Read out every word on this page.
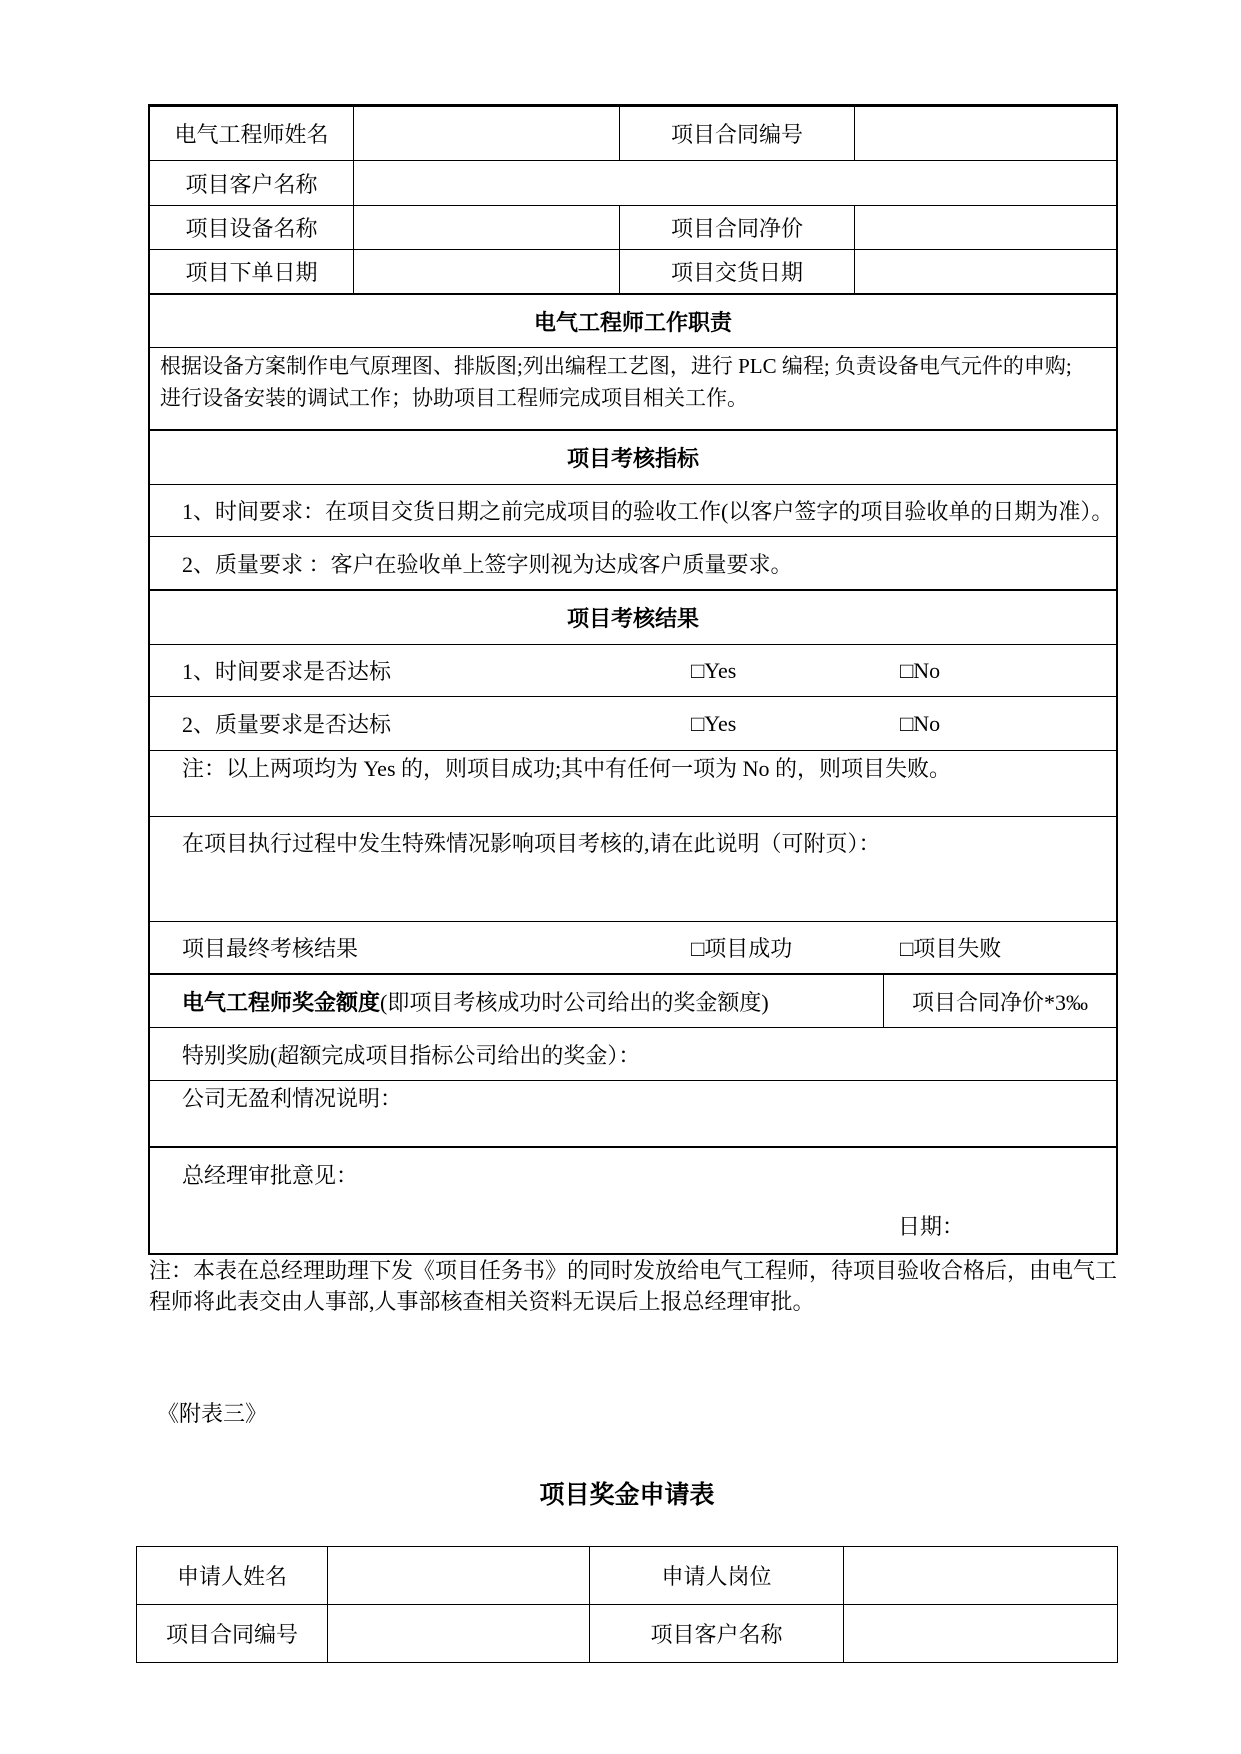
电气工程师姓名	项目合同编号
项目客户名称
项目设备名称	项目合同净价
项目下单日期	项目交货日期
电气工程师工作职责
根据设备方案制作电气原理图、排版图;列出编程工艺图，进行 PLC 编程; 负责设备电气元件的申购;
进行设备安装的调试工作；协助项目工程师完成项目相关工作。
项目考核指标
1、时间要求：在项目交货日期之前完成项目的验收工作(以客户签字的项目验收单的日期为准）。
2、质量要求 ：客户在验收单上签字则视为达成客户质量要求。
项目考核结果
1、时间要求是否达标	□Yes	□No
2、质量要求是否达标	□Yes	□No
注：以上两项均为 Yes 的，则项目成功;其中有任何一项为 No 的，则项目失败。
在项目执行过程中发生特殊情况影响项目考核的,请在此说明（可附页）：
项目最终考核结果	□项目成功	□项目失败
电气工程师奖金额度 (即项目考核成功时公司给出的奖金额度)	项目合同净价*3‰
特别奖励(超额完成项目指标公司给出的奖金）：
公司无盈利情况说明：
总经理审批意见：
日期：
注：本表在总经理助理下发《项目任务书》的同时发放给电气工程师，待项目验收合格后，由电气工
程师将此表交由人事部,人事部核查相关资料无误后上报总经理审批。
《附表三》
项目奖金申请表
申请人姓名	申请人岗位
项目合同编号	项目客户名称
